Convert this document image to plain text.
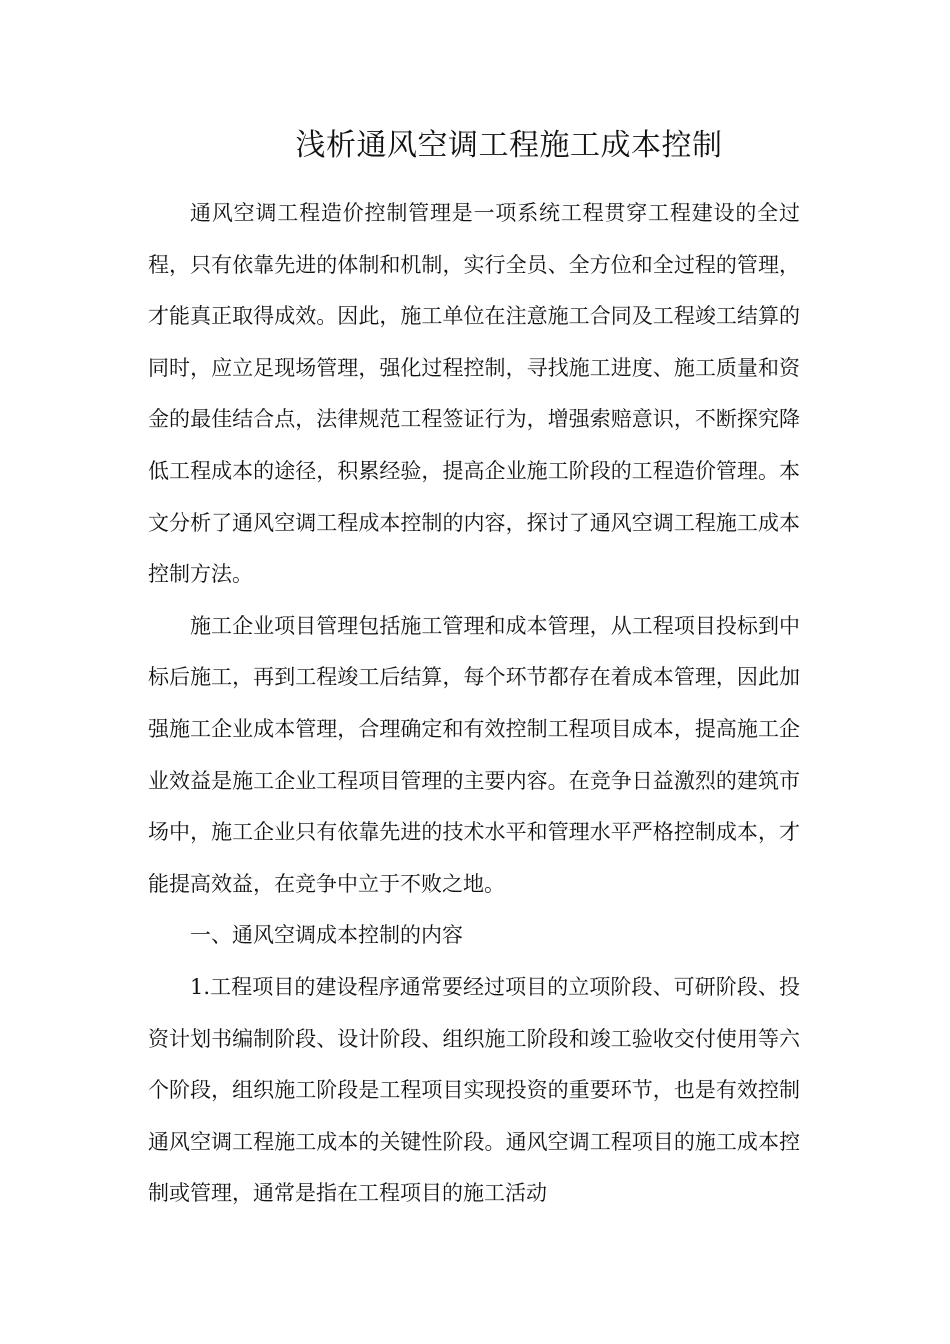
浅析通风空调工程施工成本控制

通风空调工程造价控制管理是一项系统工程贯穿工程建设的全过程，只有依靠先进的体制和机制，实行全员、全方位和全过程的管理，才能真正取得成效。因此，施工单位在注意施工合同及工程竣工结算的同时，应立足现场管理，强化过程控制，寻找施工进度、施工质量和资金的最佳结合点，法律规范工程签证行为，增强索赔意识，不断探究降低工程成本的途径，积累经验，提高企业施工阶段的工程造价管理。本文分析了通风空调工程成本控制的内容，探讨了通风空调工程施工成本控制方法。

施工企业项目管理包括施工管理和成本管理，从工程项目投标到中标后施工，再到工程竣工后结算，每个环节都存在着成本管理，因此加强施工企业成本管理，合理确定和有效控制工程项目成本，提高施工企业效益是施工企业工程项目管理的主要内容。在竞争日益激烈的建筑市场中，施工企业只有依靠先进的技术水平和管理水平严格控制成本，才能提高效益，在竞争中立于不败之地。

一、通风空调成本控制的内容

1.工程项目的建设程序通常要经过项目的立项阶段、可研阶段、投资计划书编制阶段、设计阶段、组织施工阶段和竣工验收交付使用等六个阶段，组织施工阶段是工程项目实现投资的重要环节，也是有效控制通风空调工程施工成本的关键性阶段。通风空调工程项目的施工成本控制或管理，通常是指在工程项目的施工活动
